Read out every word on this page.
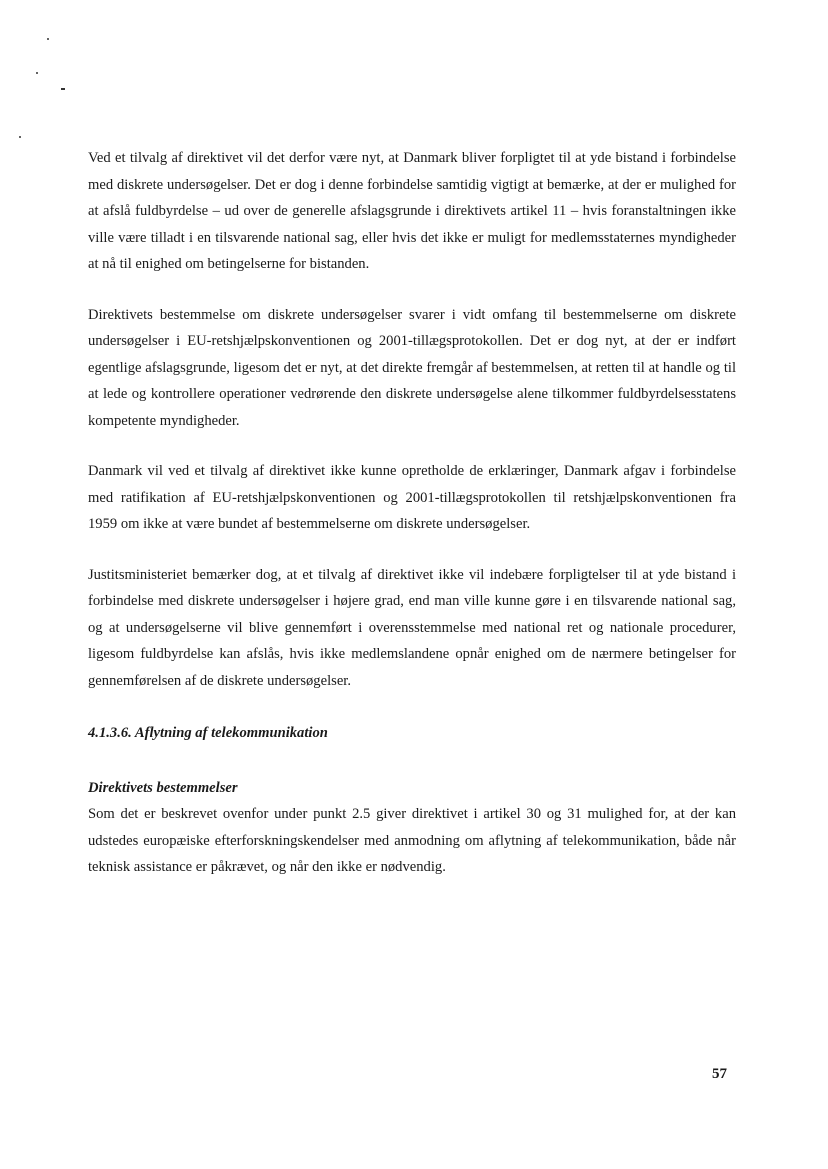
Ved et tilvalg af direktivet vil det derfor være nyt, at Danmark bliver forpligtet til at yde bistand i forbindelse med diskrete undersøgelser. Det er dog i denne forbindelse samtidig vigtigt at bemærke, at der er mulighed for at afslå fuldbyrdelse – ud over de generelle afslagsgrunde i direktivets artikel 11 – hvis foranstaltningen ikke ville være tilladt i en tilsvarende national sag, eller hvis det ikke er muligt for medlemsstaternes myndigheder at nå til enighed om betingelserne for bistanden.

Direktivets bestemmelse om diskrete undersøgelser svarer i vidt omfang til bestemmelserne om diskrete undersøgelser i EU-retshjælpskonventionen og 2001-tillægsprotokollen. Det er dog nyt, at der er indført egentlige afslagsgrunde, ligesom det er nyt, at det direkte fremgår af bestemmelsen, at retten til at handle og til at lede og kontrollere operationer vedrørende den diskrete undersøgelse alene tilkommer fuldbyrdelsesstatens kompetente myndigheder.

Danmark vil ved et tilvalg af direktivet ikke kunne opretholde de erklæringer, Danmark afgav i forbindelse med ratifikation af EU-retshjælpskonventionen og 2001-tillægsprotokollen til retshjælpskonventionen fra 1959 om ikke at være bundet af bestemmelserne om diskrete undersøgelser.

Justitsministeriet bemærker dog, at et tilvalg af direktivet ikke vil indebære forpligtelser til at yde bistand i forbindelse med diskrete undersøgelser i højere grad, end man ville kunne gøre i en tilsvarende national sag, og at undersøgelserne vil blive gennemført i overensstemmelse med national ret og nationale procedurer, ligesom fuldbyrdelse kan afslås, hvis ikke medlemslandene opnår enighed om de nærmere betingelser for gennemførelsen af de diskrete undersøgelser.

4.1.3.6. Aflytning af telekommunikation
Direktivets bestemmelser

Som det er beskrevet ovenfor under punkt 2.5 giver direktivet i artikel 30 og 31 mulighed for, at der kan udstedes europæiske efterforskningskendelser med anmodning om aflytning af telekommunikation, både når teknisk assistance er påkrævet, og når den ikke er nødvendig.

57
